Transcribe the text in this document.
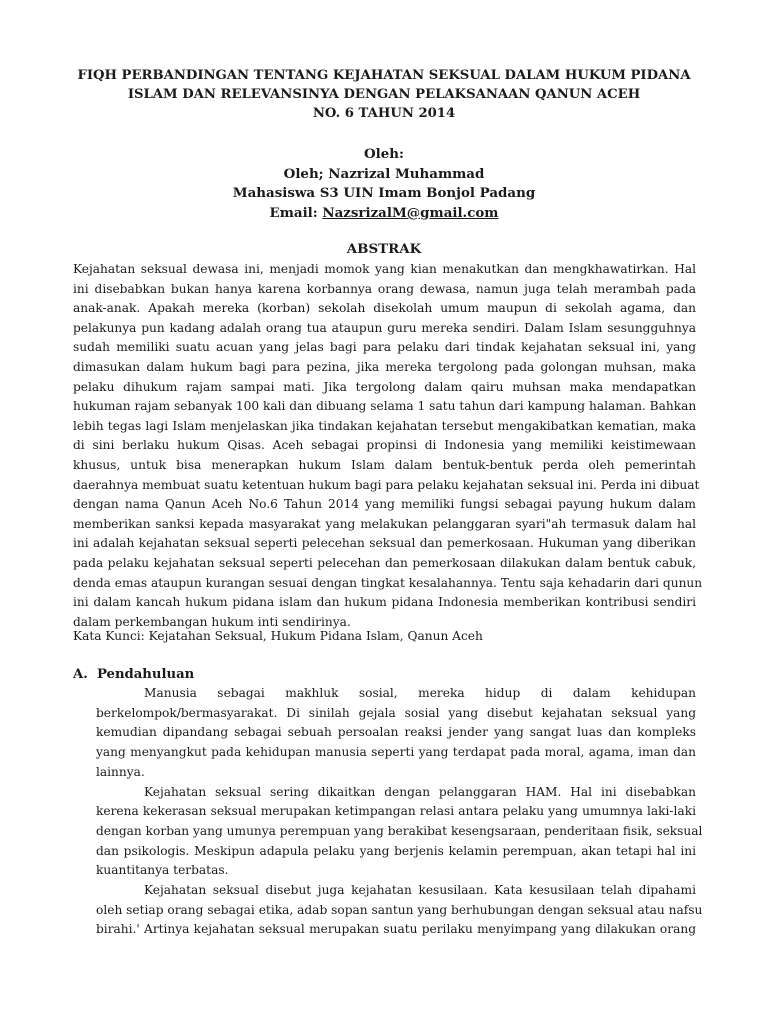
FIQH PERBANDINGAN TENTANG KEJAHATAN SEKSUAL DALAM HUKUM PIDANA
ISLAM DAN RELEVANSINYA DENGAN PELAKSANAAN QANUN ACEH
NO. 6 TAHUN 2014
Oleh:
Oleh; Nazrizal Muhammad
Mahasiswa S3 UIN Imam Bonjol Padang
Email: NazsrizalM@gmail.com
ABSTRAK
Kejahatan seksual dewasa ini, menjadi momok yang kian menakutkan dan mengkhawatirkan. Hal
ini disebabkan bukan hanya karena korbannya orang dewasa, namun juga telah merambah pada
anak-anak. Apakah mereka (korban) sekolah disekolah umum maupun di sekolah agama, dan
pelakunya pun kadang adalah orang tua ataupun guru mereka sendiri. Dalam Islam sesungguhnya
sudah memiliki suatu acuan yang jelas bagi para pelaku dari tindak kejahatan seksual ini, yang
dimasukan dalam hukum bagi para pezina, jika mereka tergolong pada golongan muhsan, maka
pelaku dihukum rajam sampai mati. Jika tergolong dalam qairu muhsan maka mendapatkan
hukuman rajam sebanyak 100 kali dan dibuang selama 1 satu tahun dari kampung halaman. Bahkan
lebih tegas lagi Islam menjelaskan jika tindakan kejahatan tersebut mengakibatkan kematian, maka
di sini berlaku hukum Qisas. Aceh sebagai propinsi di Indonesia yang memiliki keistimewaan
khusus, untuk bisa menerapkan hukum Islam dalam bentuk-bentuk perda oleh pemerintah
daerahnya membuat suatu ketentuan hukum bagi para pelaku kejahatan seksual ini. Perda ini dibuat
dengan nama Qanun Aceh No.6 Tahun 2014 yang memiliki fungsi sebagai payung hukum dalam
memberikan sanksi kepada masyarakat yang melakukan pelanggaran syari"ah termasuk dalam hal
ini adalah kejahatan seksual seperti pelecehan seksual dan pemerkosaan. Hukuman yang diberikan
pada pelaku kejahatan seksual seperti pelecehan dan pemerkosaan dilakukan dalam bentuk cabuk,
denda emas ataupun kurangan sesuai dengan tingkat kesalahannya. Tentu saja kehadarin dari qunun
ini dalam kancah hukum pidana islam dan hukum pidana Indonesia memberikan kontribusi sendiri
dalam perkembangan hukum inti sendirinya.
Kata Kunci: Kejatahan Seksual, Hukum Pidana Islam, Qanun Aceh
A. Pendahuluan
Manusia sebagai makhluk sosial, mereka hidup di dalam kehidupan
berkelompok/bermasyarakat. Di sinilah gejala sosial yang disebut kejahatan seksual yang
kemudian dipandang sebagai sebuah persoalan reaksi jender yang sangat luas dan kompleks
yang menyangkut pada kehidupan manusia seperti yang terdapat pada moral, agama, iman dan
lainnya.
Kejahatan seksual sering dikaitkan dengan pelanggaran HAM. Hal ini disebabkan
kerena kekerasan seksual merupakan ketimpangan relasi antara pelaku yang umumnya laki-laki
dengan korban yang umunya perempuan yang berakibat kesengsaraan, penderitaan fisik, seksual
dan psikologis. Meskipun adapula pelaku yang berjenis kelamin perempuan, akan tetapi hal ini
kuantitanya terbatas.
Kejahatan seksual disebut juga kejahatan kesusilaan. Kata kesusilaan telah dipahami
oleh setiap orang sebagai etika, adab sopan santun yang berhubungan dengan seksual atau nafsu
birahi.' Artinya kejahatan seksual merupakan suatu perilaku menyimpang yang dilakukan orang
